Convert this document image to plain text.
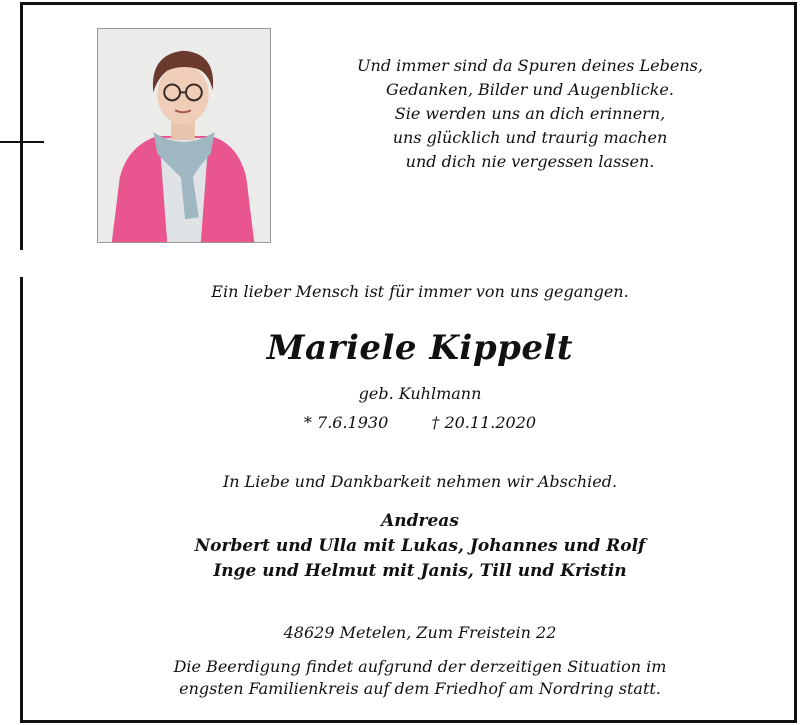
Und immer sind da Spuren deines Lebens,
Gedanken, Bilder und Augenblicke.
Sie werden uns an dich erinnern,
uns glücklich und traurig machen
und dich nie vergessen lassen.
Ein lieber Mensch ist für immer von uns gegangen.
Mariele Kippelt
geb. Kuhlmann
* 7.6.1930	† 20.11.2020
In Liebe und Dankbarkeit nehmen wir Abschied.
Andreas
Norbert und Ulla mit Lukas, Johannes und Rolf
Inge und Helmut mit Janis, Till und Kristin
48629 Metelen, Zum Freistein 22
Die Beerdigung findet aufgrund der derzeitigen Situation im
engsten Familienkreis auf dem Friedhof am Nordring statt.
